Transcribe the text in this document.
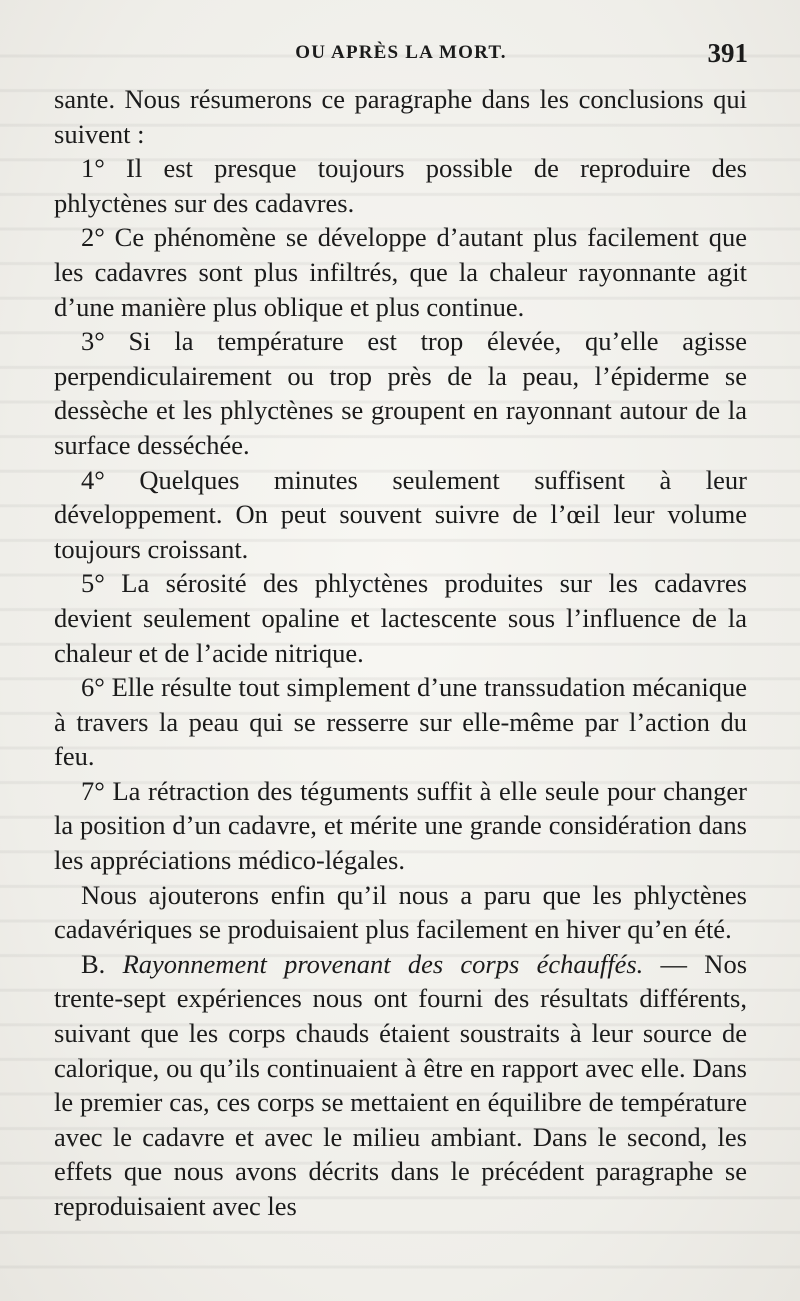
OU APRÈS LA MORT.	391

sante. Nous résumerons ce paragraphe dans les conclusions qui suivent :

1° Il est presque toujours possible de reproduire des phlyctènes sur des cadavres.

2° Ce phénomène se développe d’autant plus facilement que les cadavres sont plus infiltrés, que la chaleur rayonnante agit d’une manière plus oblique et plus continue.

3° Si la température est trop élevée, qu’elle agisse perpendiculairement ou trop près de la peau, l’épiderme se dessèche et les phlyctènes se groupent en rayonnant autour de la surface desséchée.

4° Quelques minutes seulement suffisent à leur développement. On peut souvent suivre de l’œil leur volume toujours croissant.

5° La sérosité des phlyctènes produites sur les cadavres devient seulement opaline et lactescente sous l’influence de la chaleur et de l’acide nitrique.

6° Elle résulte tout simplement d’une transsudation mécanique à travers la peau qui se resserre sur elle-même par l’action du feu.

7° La rétraction des téguments suffit à elle seule pour changer la position d’un cadavre, et mérite une grande considération dans les appréciations médico-légales.

Nous ajouterons enfin qu’il nous a paru que les phlyctènes cadavériques se produisaient plus facilement en hiver qu’en été.

B. Rayonnement provenant des corps échauffés. — Nos trente-sept expériences nous ont fourni des résultats différents, suivant que les corps chauds étaient soustraits à leur source de calorique, ou qu’ils continuaient à être en rapport avec elle. Dans le premier cas, ces corps se mettaient en équilibre de température avec le cadavre et avec le milieu ambiant. Dans le second, les effets que nous avons décrits dans le précédent paragraphe se reproduisaient avec les
